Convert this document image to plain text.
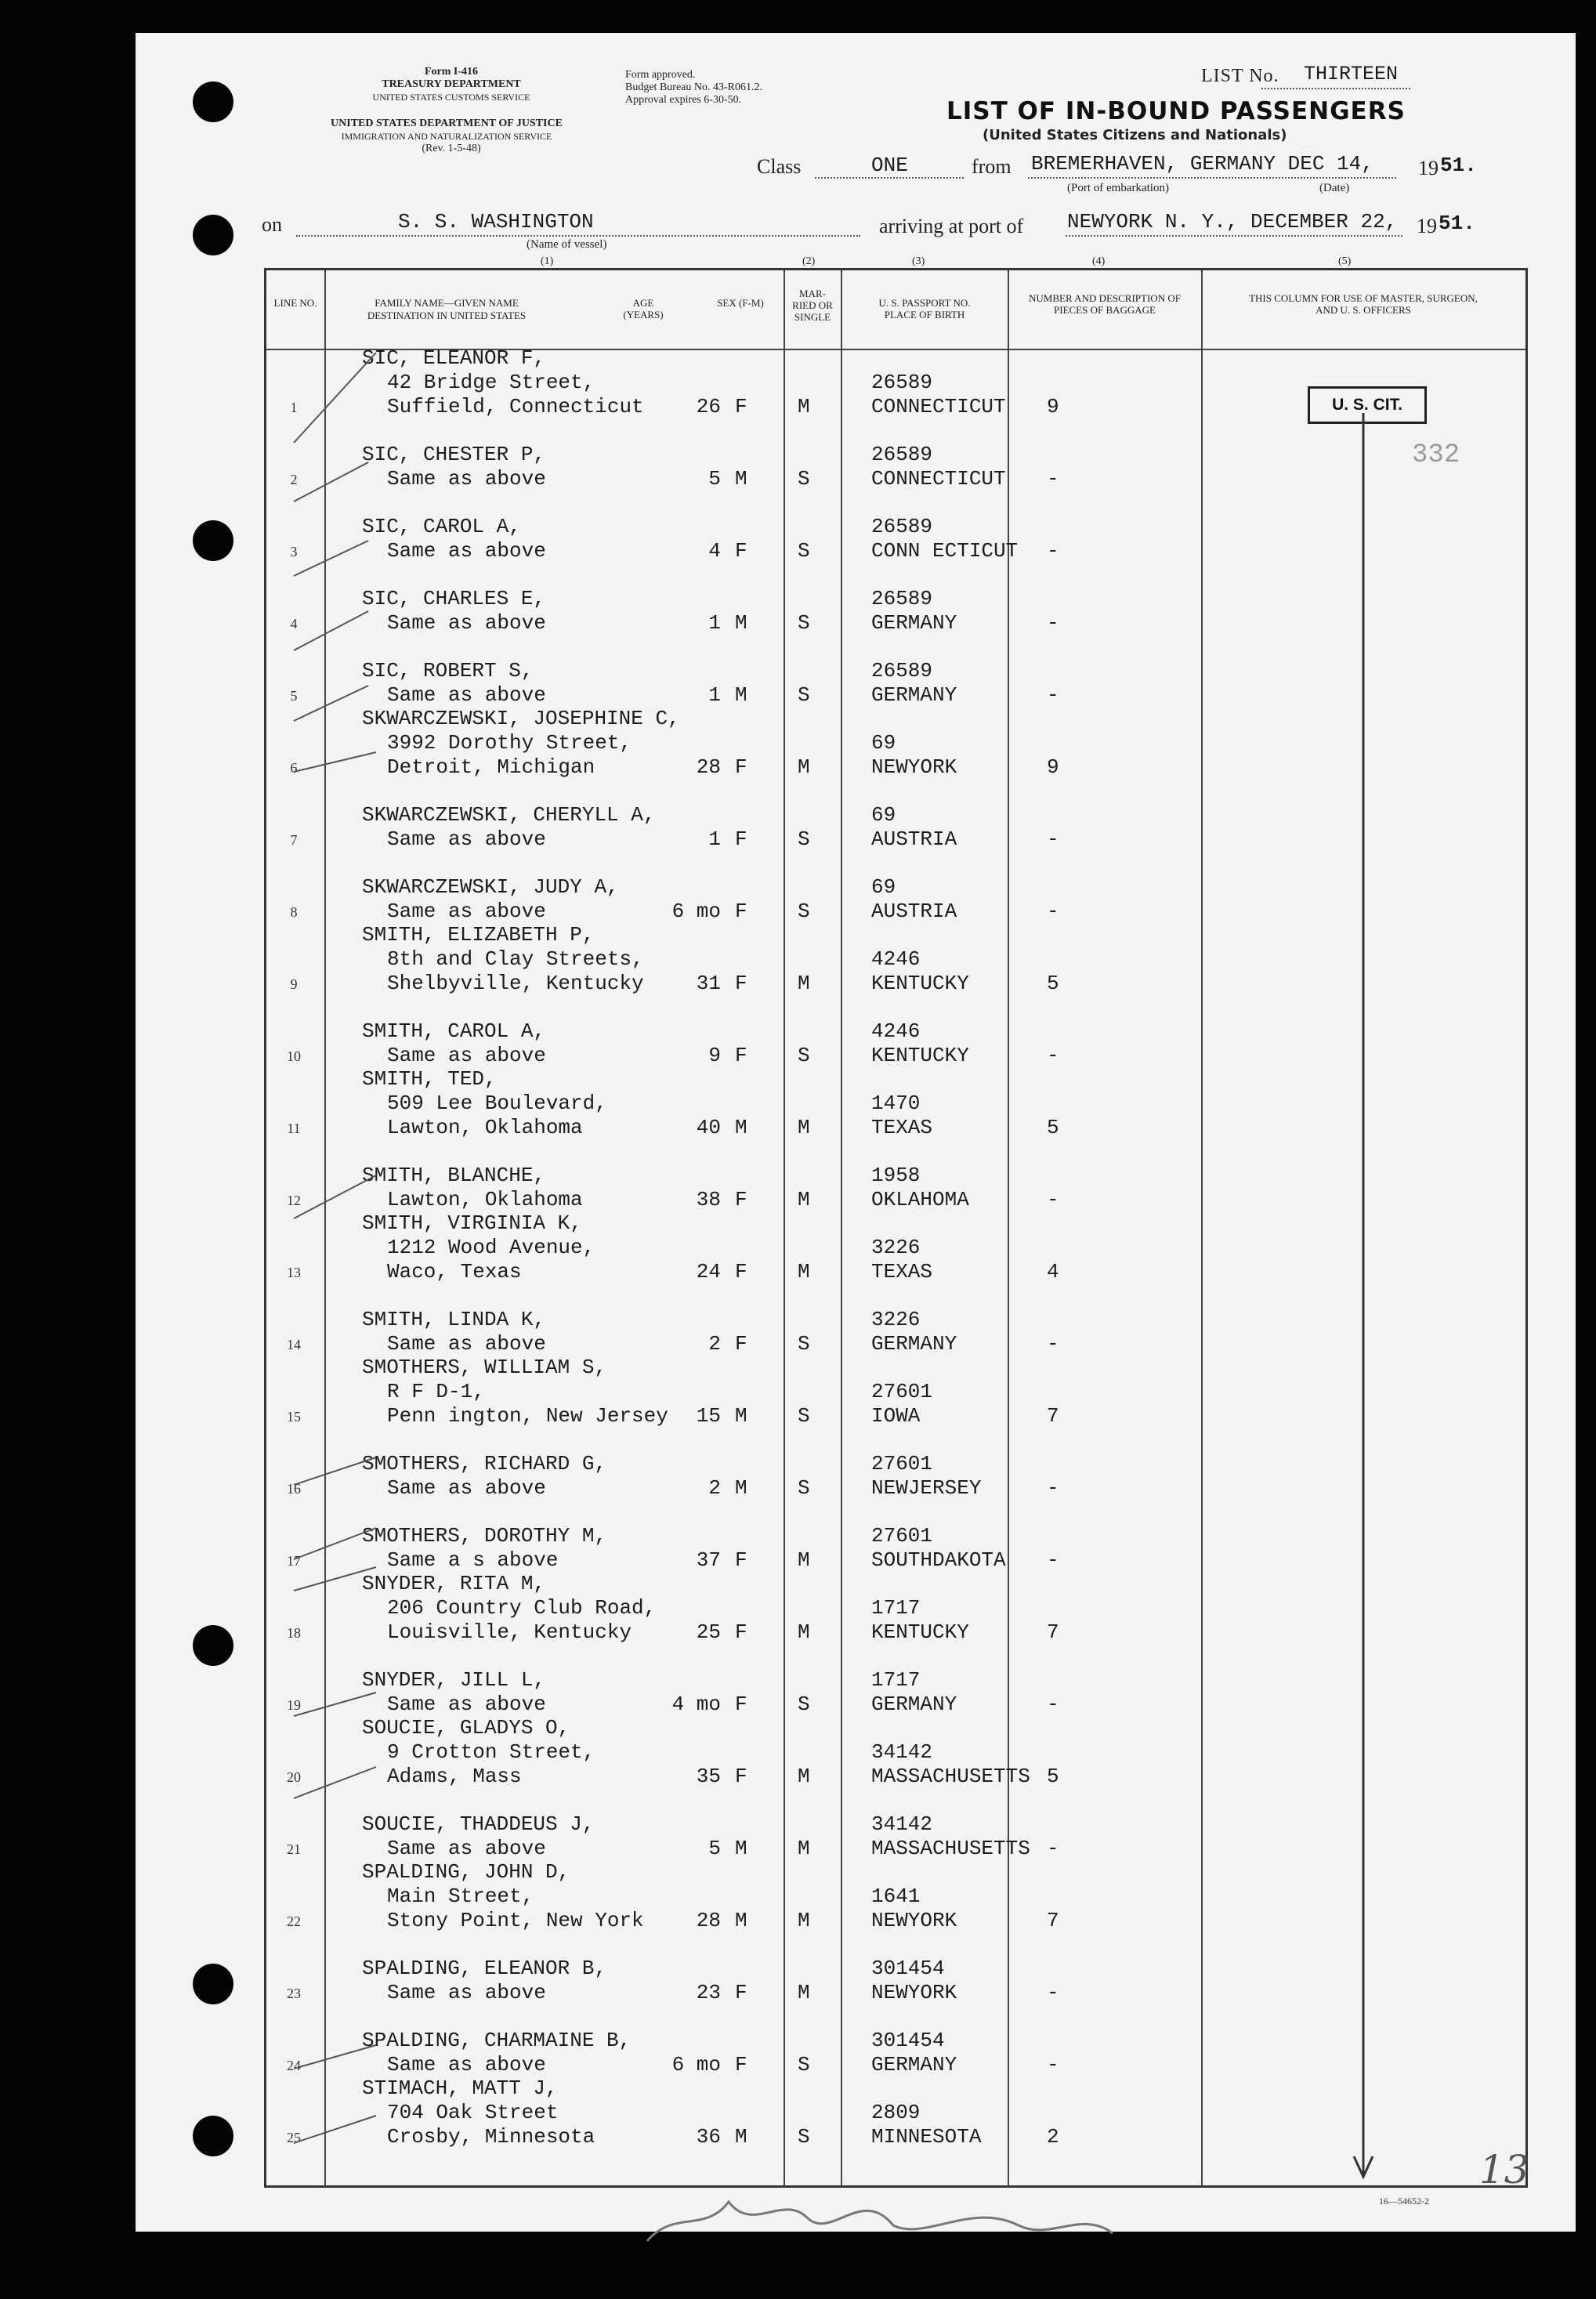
Form I-416
TREASURY DEPARTMENT
UNITED STATES CUSTOMS SERVICE
UNITED STATES DEPARTMENT OF JUSTICE
IMMIGRATION AND NATURALIZATION SERVICE
(Rev. 1-5-48)
Form approved.
Budget Bureau No. 43-R061.2.
Approval expires 6-30-50.
LIST No. THIRTEEN
LIST OF IN-BOUND PASSENGERS
(United States Citizens and Nationals)
Class	ONE	from BREMERHAVEN, GERMANY DEC 14, 19 51.
(Port of embarkation)	(Date)
on	S. S. WASHINGTON
(Name of vessel)
arriving at port of NEWYORK N. Y., DECEMBER 22, 19 51.
(1)	(2)	(3)	(4)	(5)
LINE NO.	FAMILY NAME—GIVEN NAME
DESTINATION IN UNITED STATES
AGE (YEARS)
SEX (F-M)
MAR-RIED OR SINGLE
U. S. PASSPORT NO. PLACE OF BIRTH
NUMBER AND DESCRIPTION OF PIECES OF BAGGAGE
THIS COLUMN FOR USE OF MASTER, SURGEON, AND U. S. OFFICERS
1
SIC, ELEANOR F,
42 Bridge Street,
Suffield, Connecticut	26 F M
26589
CONNECTICUT 9
2
SIC, CHESTER P,
Same as above	5 M S
26589
CONNECTICUT -
3
SIC, CAROL A,
Same as above	4 F S
26589
CONN ECTICUT -
4
SIC, CHARLES E,
Same as above	1 M S
26589
GERMANY	-
5
SIC, ROBERT S,
Same as above	1 M S
26589
GERMANY	-
6
SKWARCZEWSKI, JOSEPHINE C,
3992 Dorothy Street,
Detroit, Michigan	28 F M
69
NEWYORK	9
7
SKWARCZEWSKI, CHERYLL A,
Same as above	1 F S
69
AUSTRIA	-
8
SKWARCZEWSKI, JUDY A,
Same as above	6 mo F S
69
AUSTRIA	-
9
SMITH, ELIZABETH P,
8th and Clay Streets,
Shelbyville, Kentucky	31 F M
4246
KENTUCKY	5
10
SMITH, CAROL A,
Same as above	9 F S
4246
KENTUCKY	-
11
SMITH, TED,
509 Lee Boulevard,
Lawton, Oklahoma	40 M M
1470
TEXAS	5
12
SMITH, BLANCHE,
Lawton, Oklahoma	38 F M
1958
OKLAHOMA	-
13
SMITH, VIRGINIA K,
1212 Wood Avenue,
Waco, Texas	24 F M
3226
TEXAS	4
14
SMITH, LINDA K,
Same as above	2 F S
3226
GERMANY	-
15
SMOTHERS, WILLIAM S,
R F D-1,
Penn ington, New Jersey	15 M S
27601
IOWA	7
16
SMOTHERS, RICHARD G,
Same as above	2 M S
27601
NEWJERSEY	-
17
SMOTHERS, DOROTHY M,
Same a s above	37 F M
27601
SOUTHDAKOTA -
18
SNYDER, RITA M,
206 Country Club Road,
Louisville, Kentucky	25 F M
1717
KENTUCKY	7
19
SNYDER, JILL L,
Same as above	4 mo F S
1717
GERMANY	-
20
SOUCIE, GLADYS O,
9 Crotton Street,
Adams, Mass	35 F M
34142
MASSACHUSETTS 5
21
SOUCIE, THADDEUS J,
Same as above	5 M M
34142
MASSACHUSETTS -
22
SPALDING, JOHN D,
Main Street,
Stony Point, New York	28 M M
1641
NEWYORK	7
23
SPALDING, ELEANOR B,
Same as above	23 F M
301454
NEWYORK	-
24
SPALDING, CHARMAINE B,
Same as above	6 mo F S
301454
GERMANY	-
25
STIMACH, MATT J,
704 Oak Street
Crosby, Minnesota	36 M S
2809
MINNESOTA	2
U. S. CIT.
332
13
16—54652-2
